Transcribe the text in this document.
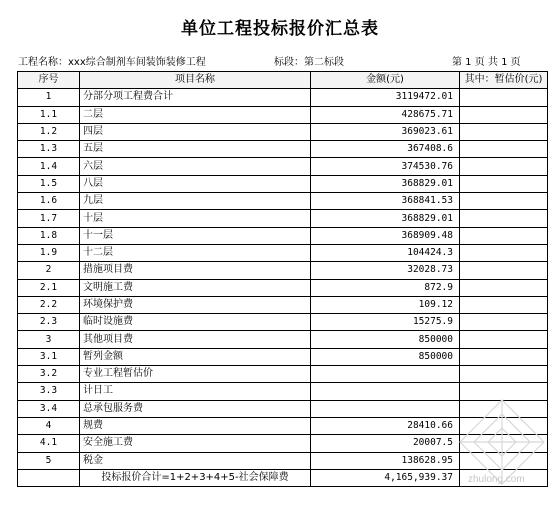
单位工程投标报价汇总表
工程名称：xxx综合制剂车间装饰装修工程	标段：第二标段	第 1 页 共 1 页
序号	项目名称	金额(元)	其中：暂估价(元)
1	分部分项工程费合计	3119472.01	
1.1	二层	428675.71	
1.2	四层	369023.61	
1.3	五层	367408.6	
1.4	六层	374530.76	
1.5	八层	368829.01	
1.6	九层	368841.53	
1.7	十层	368829.01	
1.8	十一层	368909.48	
1.9	十二层	104424.3	
2	措施项目费	32028.73	
2.1	文明施工费	872.9	
2.2	环境保护费	109.12	
2.3	临时设施费	15275.9	
3	其他项目费	850000	
3.1	暂列金额	850000	
3.2	专业工程暂估价		
3.3	计日工		
3.4	总承包服务费		
4	规费	28410.66	
4.1	安全施工费	20007.5	
5	税金	138628.95	
	投标报价合计=1+2+3+4+5-社会保障费	4,165,939.37	zhulong.com
